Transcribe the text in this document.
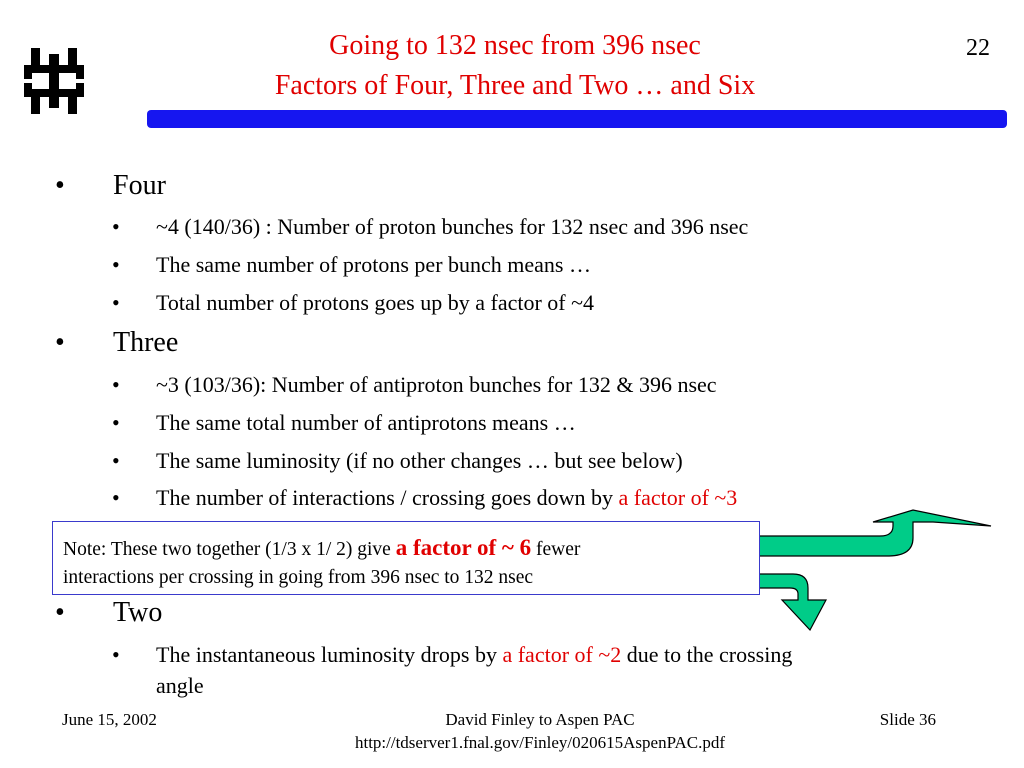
Going to 132 nsec from 396 nsec
Factors of Four, Three and Two … and Six
22
• Four
• ~4 (140/36) : Number of proton bunches for 132 nsec and 396 nsec
• The same number of protons per bunch means …
• Total number of protons goes up by a factor of ~4
• Three
• ~3 (103/36): Number of antiproton bunches for 132 & 396 nsec
• The same total number of antiprotons means …
• The same luminosity (if no other changes … but see below)
• The number of interactions / crossing goes down by a factor of ~3
Note: These two together (1/3 x 1/ 2) give a factor of ~ 6 fewer
interactions per crossing in going from 396 nsec to 132 nsec
• Two
• The instantaneous luminosity drops by a factor of ~2 due to the crossing
angle
June 15, 2002	David Finley to Aspen PAC
http://tdserver1.fnal.gov/Finley/020615AspenPAC.pdf
Slide 36
